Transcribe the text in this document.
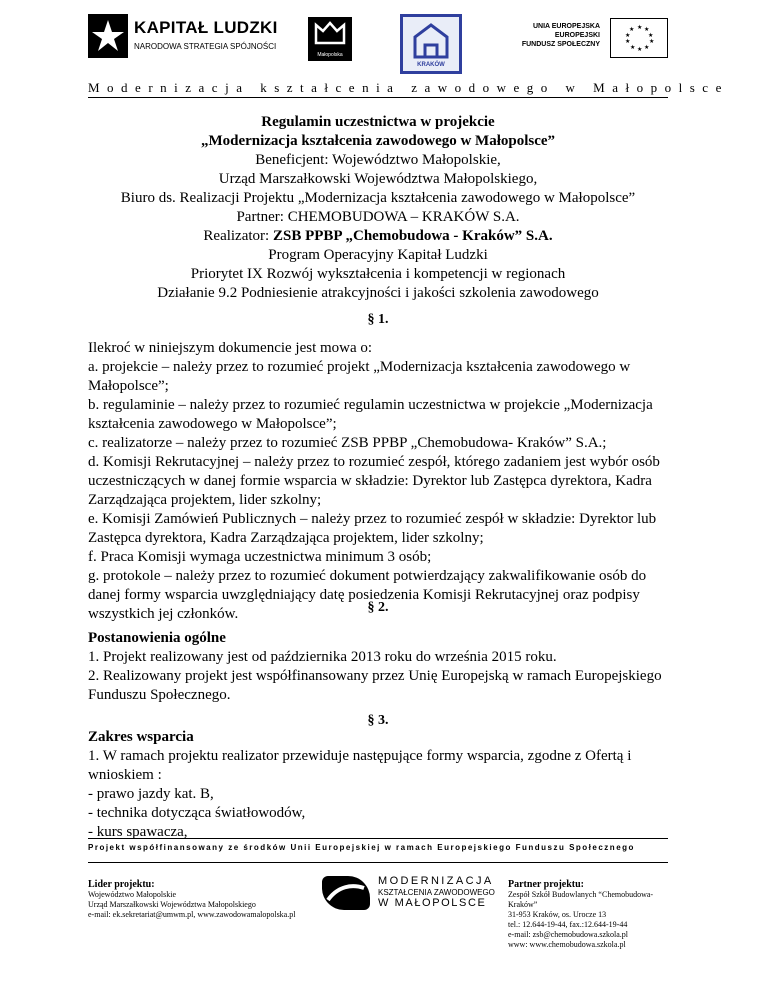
KAPITAŁ LUDZKI
NARODOWA STRATEGIA SPÓJNOŚCI
Małopolska
KRAKÓW
UNIA EUROPEJSKA
EUROPEJSKI
FUNDUSZ SPOŁECZNY
★ ★
★
★
★
★
★
★
★
★
Modernizacja kształcenia zawodowego w Małopolsce
Regulamin uczestnictwa w projekcie
„Modernizacja kształcenia zawodowego w Małopolsce”
Beneficjent: Województwo Małopolskie,
Urząd Marszałkowski Województwa Małopolskiego,
Biuro ds. Realizacji Projektu „Modernizacja kształcenia zawodowego w Małopolsce”
Partner: CHEMOBUDOWA – KRAKÓW S.A.
Realizator: ZSB PPBP „Chemobudowa - Kraków” S.A.
Program Operacyjny Kapitał Ludzki
Priorytet IX Rozwój wykształcenia i kompetencji w regionach
Działanie 9.2 Podniesienie atrakcyjności i jakości szkolenia zawodowego
§ 1.
Ilekroć w niniejszym dokumencie jest mowa o:
a. projekcie – należy przez to rozumieć projekt „Modernizacja kształcenia zawodowego w Małopolsce”;
b. regulaminie – należy przez to rozumieć regulamin uczestnictwa w projekcie „Modernizacja kształcenia zawodowego w Małopolsce”;
c. realizatorze – należy przez to rozumieć ZSB PPBP „Chemobudowa- Kraków” S.A.;
d. Komisji Rekrutacyjnej – należy przez to rozumieć zespół, którego zadaniem jest wybór osób uczestniczących w danej formie wsparcia w składzie: Dyrektor lub Zastępca dyrektora, Kadra Zarządzająca projektem, lider szkolny;
e. Komisji Zamówień Publicznych – należy przez to rozumieć zespół w składzie: Dyrektor lub Zastępca dyrektora, Kadra Zarządzająca projektem, lider szkolny;
f. Praca Komisji wymaga uczestnictwa minimum 3 osób;
g. protokole – należy przez to rozumieć dokument potwierdzający zakwalifikowanie osób do danej formy wsparcia uwzględniający datę posiedzenia Komisji Rekrutacyjnej oraz podpisy wszystkich jej członków.	§ 2.
Postanowienia ogólne
1. Projekt realizowany jest od października 2013 roku do września 2015 roku.
2. Realizowany projekt jest współfinansowany przez Unię Europejską w ramach Europejskiego Funduszu Społecznego.
§ 3.
Zakres wsparcia
1. W ramach projektu realizator przewiduje następujące formy wsparcia, zgodne z Ofertą i wnioskiem :
- prawo jazdy kat. B,
- technika dotycząca światłowodów,
- kurs spawacza,
Projekt współfinansowany ze środków Unii Europejskiej w ramach Europejskiego Funduszu Społecznego
Lider projektu:
Województwo Małopolskie
Urząd Marszałkowski Województwa Małopolskiego
e-mail: ek.sekretariat@umwm.pl, www.zawodowamalopolska.pl
MODERNIZACJA
KSZTAŁCENIA ZAWODOWEGO
W MAŁOPOLSCE
Partner projektu:
Zespół Szkół Budowlanych “Chemobudowa-Kraków”
31-953 Kraków, os. Urocze 13
tel.: 12.644-19-44, fax.:12.644-19-44
e-mail: zsb@chemobudowa.szkola.pl
www: www.chemobudowa.szkola.pl
